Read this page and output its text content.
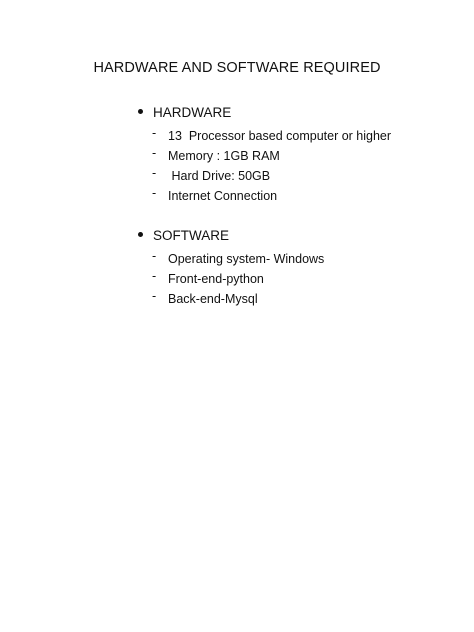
HARDWARE AND SOFTWARE REQUIRED
HARDWARE
- 13  Processor based computer or higher
- Memory : 1GB RAM
- Hard Drive: 50GB
- Internet Connection
SOFTWARE
- Operating system- Windows
- Front-end-python
- Back-end-Mysql
